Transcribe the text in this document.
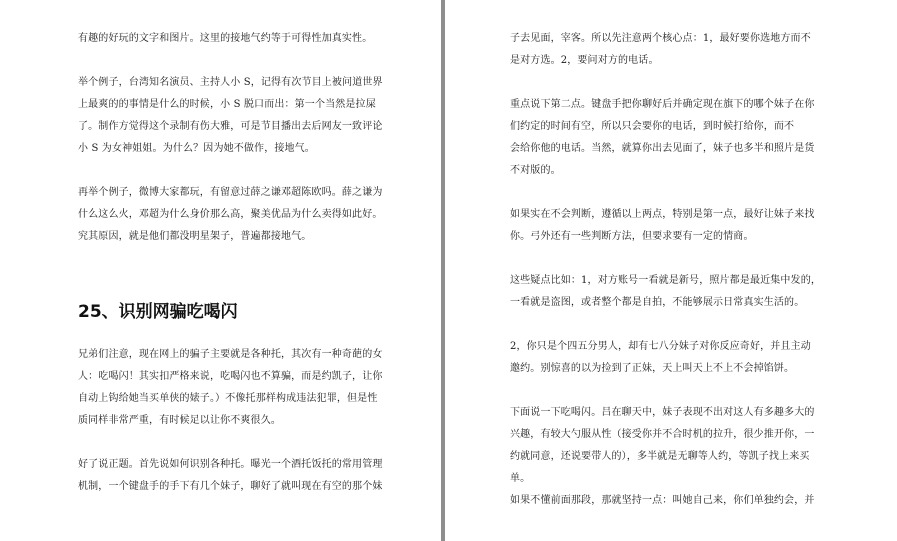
有趣的好玩的文字和图片。这里的接地气约等于可得性加真实性。
举个例子，台湾知名演员、主持人小 S，记得有次节目上被问道世界
上最爽的的事情是什么的时候，小 S 脱口而出：第一个当然是拉屎
了。制作方觉得这个录制有伤大雅，可是节目播出去后网友一致评论
小 S 为女神姐姐。为什么？因为她不做作，接地气。
再举个例子，微博大家都玩，有留意过薛之谦邓超陈欧吗。薛之谦为
什么这么火，邓超为什么身价那么高，聚美优品为什么卖得如此好。
究其原因，就是他们都没明星架子，普遍都接地气。
25、识别网骗吃喝闪
兄弟们注意，现在网上的骗子主要就是各种托，其次有一种奇葩的女
人：吃喝闪！其实扣严格来说，吃喝闪也不算骗，而是约凯子，让你
自动上钩给她当买单侠的婊子。）不像托那样构成违法犯罪，但是性
质同样非常严重，有时候足以让你不爽很久。
好了说正题。首先说如何识别各种托。曝光一个酒托饭托的常用管理
机制，一个键盘手的手下有几个妹子，聊好了就叫现在有空的那个妹
子去见面，宰客。所以先注意两个核心点：1，最好要你选地方而不
是对方选。2，要问对方的电话。
重点说下第二点。键盘手把你聊好后并确定现在旗下的哪个妹子在你
们约定的时间有空，所以只会要你的电话，到时候打给你，而不
会给你他的电话。当然，就算你出去见面了，妹子也多半和照片是货
不对版的。
如果实在不会判断，遵循以上两点，特别是第一点，最好让妹子来找
你。弓外还有一些判断方法，但要求要有一定的情商。
这些疑点比如：1，对方账号一看就是新号，照片都是最近集中发的，
一看就是盗图，或者整个都是自拍，不能够展示日常真实生活的。
2，你只是个四五分男人，却有七八分妹子对你反应奇好，并且主动
邀约。别惊喜的以为捡到了正妹，天上叫天上不上不会掉馅饼。
下面说一下吃喝闪。吕在聊天中，妹子表现不出对这人有多趣多大的
兴趣，有较大勺服从性（接受你并不合时机的拉升，很少推开你，一
约就同意，还说要带人的），多半就是无聊等人约，等凯子找上来买
单。
如果不懂前面那段，那就坚持一点：叫她自己来，你们单独约会，并
